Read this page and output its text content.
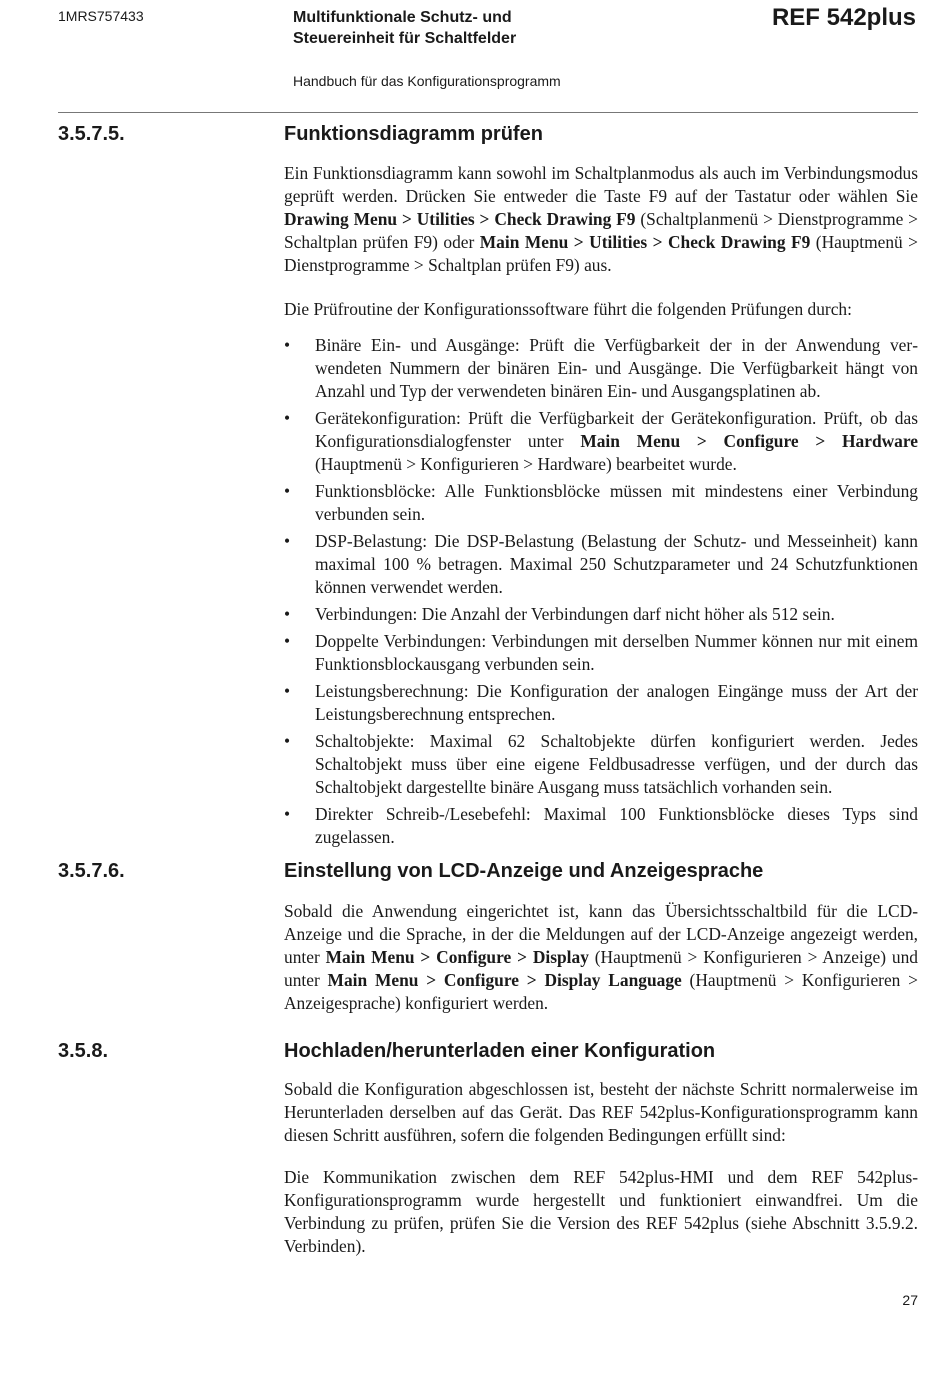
1MRS757433	Multifunktionale Schutz- und
Steuereinheit für Schaltfelder
REF 542plus
Handbuch für das Konfigurationsprogramm
3.5.7.5.	Funktionsdiagramm prüfen
Ein Funktionsdiagramm kann sowohl im Schaltplanmodus als auch im Verbindungsmodus geprüft werden. Drücken Sie entweder die Taste F9 auf der Tastatur oder wählen Sie Drawing Menu > Utilities > Check Drawing F9 (Schaltplanmenü > Dienstprogramme > Schaltplan prüfen F9) oder Main Menu > Utilities > Check Drawing F9 (Hauptmenü > Dienstprogramme > Schaltplan prüfen F9) aus.
Die Prüfroutine der Konfigurationssoftware führt die folgenden Prüfungen durch:
• Binäre Ein- und Ausgänge: Prüft die Verfügbarkeit der in der Anwendung verwendeten Nummern der binären Ein- und Ausgänge. Die Verfügbarkeit hängt von Anzahl und Typ der verwendeten binären Ein- und Ausgangsplatinen ab.
• Gerätekonfiguration: Prüft die Verfügbarkeit der Gerätekonfiguration. Prüft, ob das Konfigurationsdialogfenster unter Main Menu > Configure > Hardware (Hauptmenü > Konfigurieren > Hardware) bearbeitet wurde.
• Funktionsblöcke: Alle Funktionsblöcke müssen mit mindestens einer Verbindung verbunden sein.
• DSP-Belastung: Die DSP-Belastung (Belastung der Schutz- und Messeinheit) kann maximal 100 % betragen. Maximal 250 Schutzparameter und 24 Schutzfunktionen können verwendet werden.
• Verbindungen: Die Anzahl der Verbindungen darf nicht höher als 512 sein.
• Doppelte Verbindungen: Verbindungen mit derselben Nummer können nur mit einem Funktionsblockausgang verbunden sein.
• Leistungsberechnung: Die Konfiguration der analogen Eingänge muss der Art der Leistungsberechnung entsprechen.
• Schaltobjekte: Maximal 62 Schaltobjekte dürfen konfiguriert werden. Jedes Schaltobjekt muss über eine eigene Feldbusadresse verfügen, und der durch das Schaltobjekt dargestellte binäre Ausgang muss tatsächlich vorhanden sein.
• Direkter Schreib-/Lesebefehl: Maximal 100 Funktionsblöcke dieses Typs sind zugelassen.
3.5.7.6.	Einstellung von LCD-Anzeige und Anzeigesprache
Sobald die Anwendung eingerichtet ist, kann das Übersichtsschaltbild für die LCD-Anzeige und die Sprache, in der die Meldungen auf der LCD-Anzeige angezeigt werden, unter Main Menu > Configure > Display (Hauptmenü > Konfigurieren > Anzeige) und unter Main Menu > Configure > Display Language (Hauptmenü > Konfigurieren > Anzeigesprache) konfiguriert werden.
3.5.8.	Hochladen/herunterladen einer Konfiguration
Sobald die Konfiguration abgeschlossen ist, besteht der nächste Schritt normalerweise im Herunterladen derselben auf das Gerät. Das REF 542plus-Konfigurationsprogramm kann diesen Schritt ausführen, sofern die folgenden Bedingungen erfüllt sind:
Die Kommunikation zwischen dem REF 542plus-HMI und dem REF 542plus-Konfigurationsprogramm wurde hergestellt und funktioniert einwandfrei. Um die Verbindung zu prüfen, prüfen Sie die Version des REF 542plus (siehe Abschnitt 3.5.9.2. Verbinden).
27
